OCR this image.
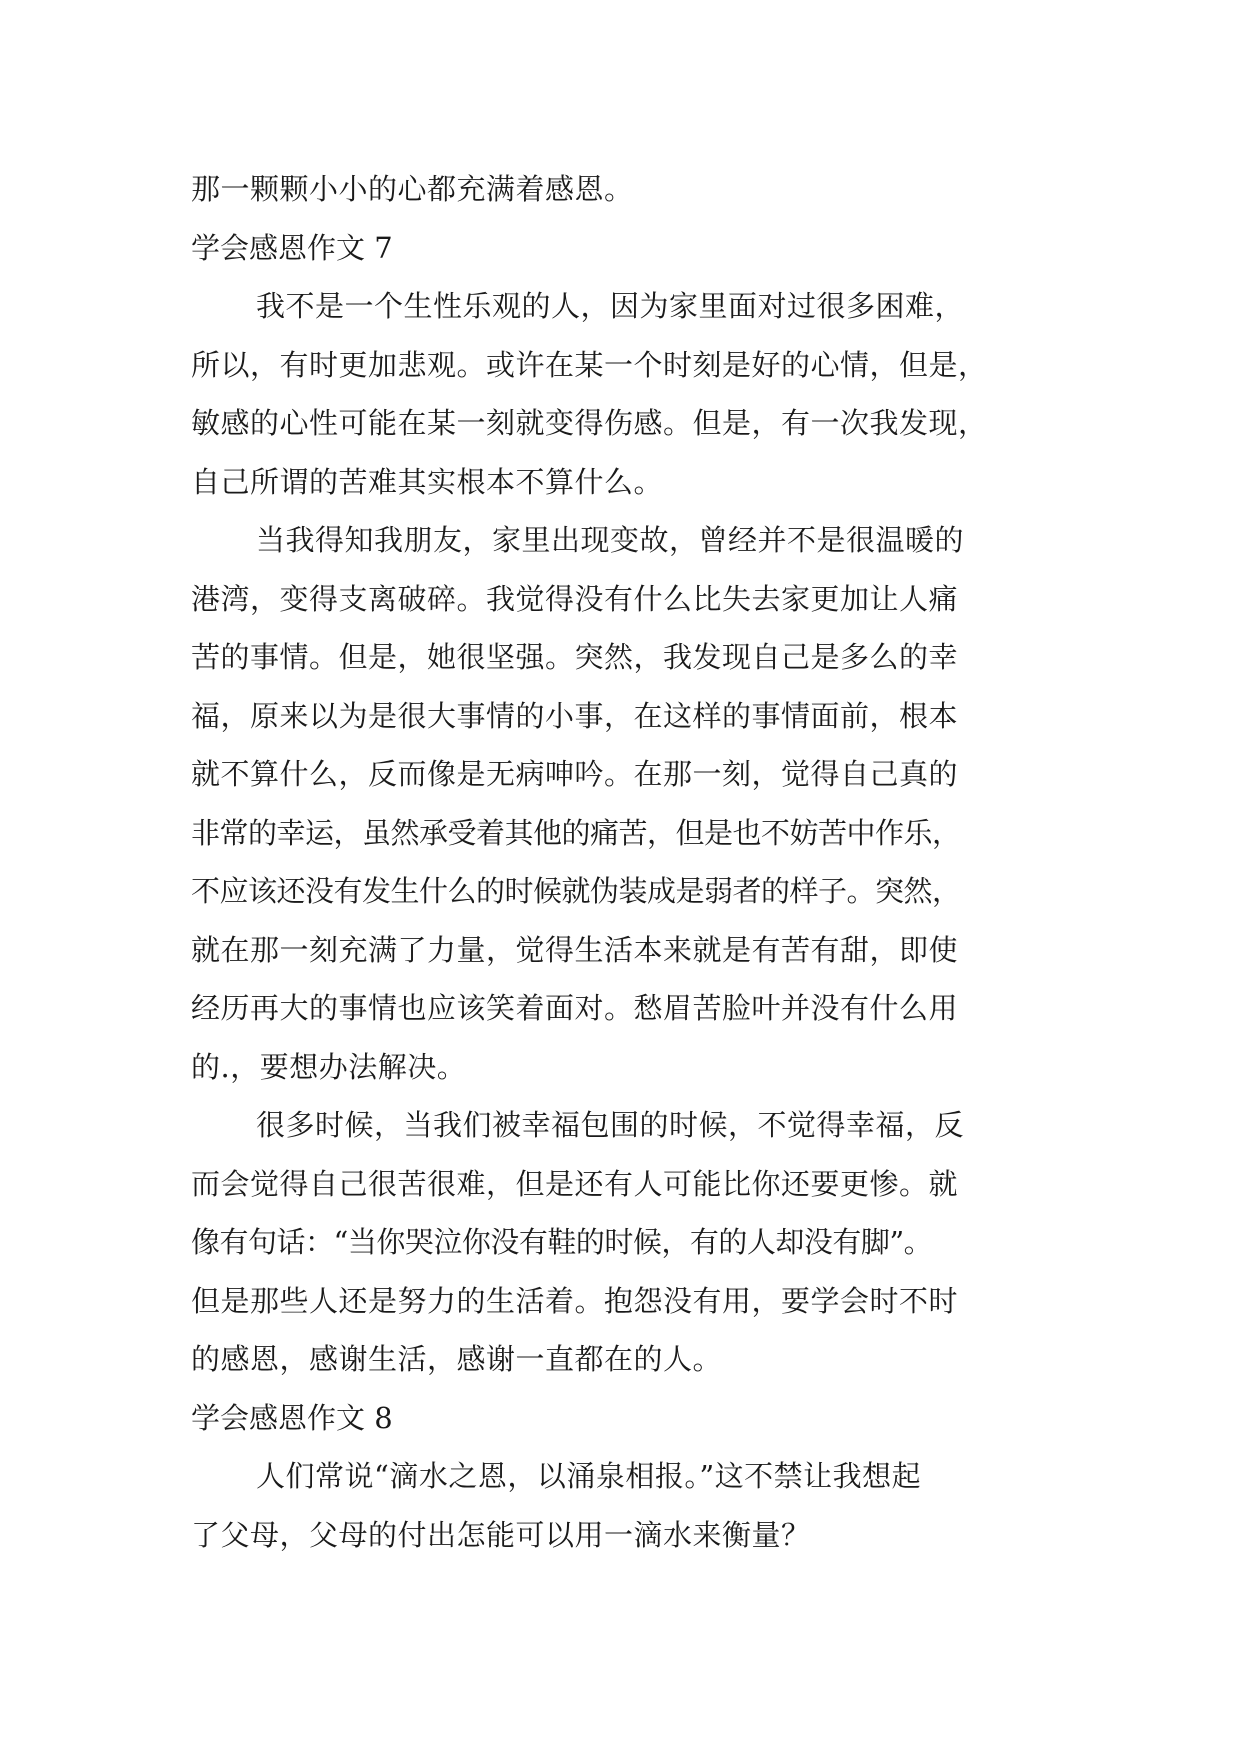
那一颗颗小小的心都充满着感恩。
学会感恩作文 7
我不是一个生性乐观的人，因为家里面对过很多困难，
所以，有时更加悲观。或许在某一个时刻是好的心情，但是，
敏感的心性可能在某一刻就变得伤感。但是，有一次我发现，
自己所谓的苦难其实根本不算什么。
当我得知我朋友，家里出现变故，曾经并不是很温暖的
港湾，变得支离破碎。我觉得没有什么比失去家更加让人痛
苦的事情。但是，她很坚强。突然，我发现自己是多么的幸
福，原来以为是很大事情的小事，在这样的事情面前，根本
就不算什么，反而像是无病呻吟。在那一刻，觉得自己真的
非常的幸运，虽然承受着其他的痛苦，但是也不妨苦中作乐，
不应该还没有发生什么的时候就伪装成是弱者的样子。突然，
就在那一刻充满了力量，觉得生活本来就是有苦有甜，即使
经历再大的事情也应该笑着面对。愁眉苦脸叶并没有什么用
的.，要想办法解决。
很多时候，当我们被幸福包围的时候，不觉得幸福，反
而会觉得自己很苦很难，但是还有人可能比你还要更惨。就
像有句话：“当你哭泣你没有鞋的时候，有的人却没有脚”。
但是那些人还是努力的生活着。抱怨没有用，要学会时不时
的感恩，感谢生活，感谢一直都在的人。
学会感恩作文 8
人们常说“滴水之恩，以涌泉相报。”这不禁让我想起
了父母，父母的付出怎能可以用一滴水来衡量？
